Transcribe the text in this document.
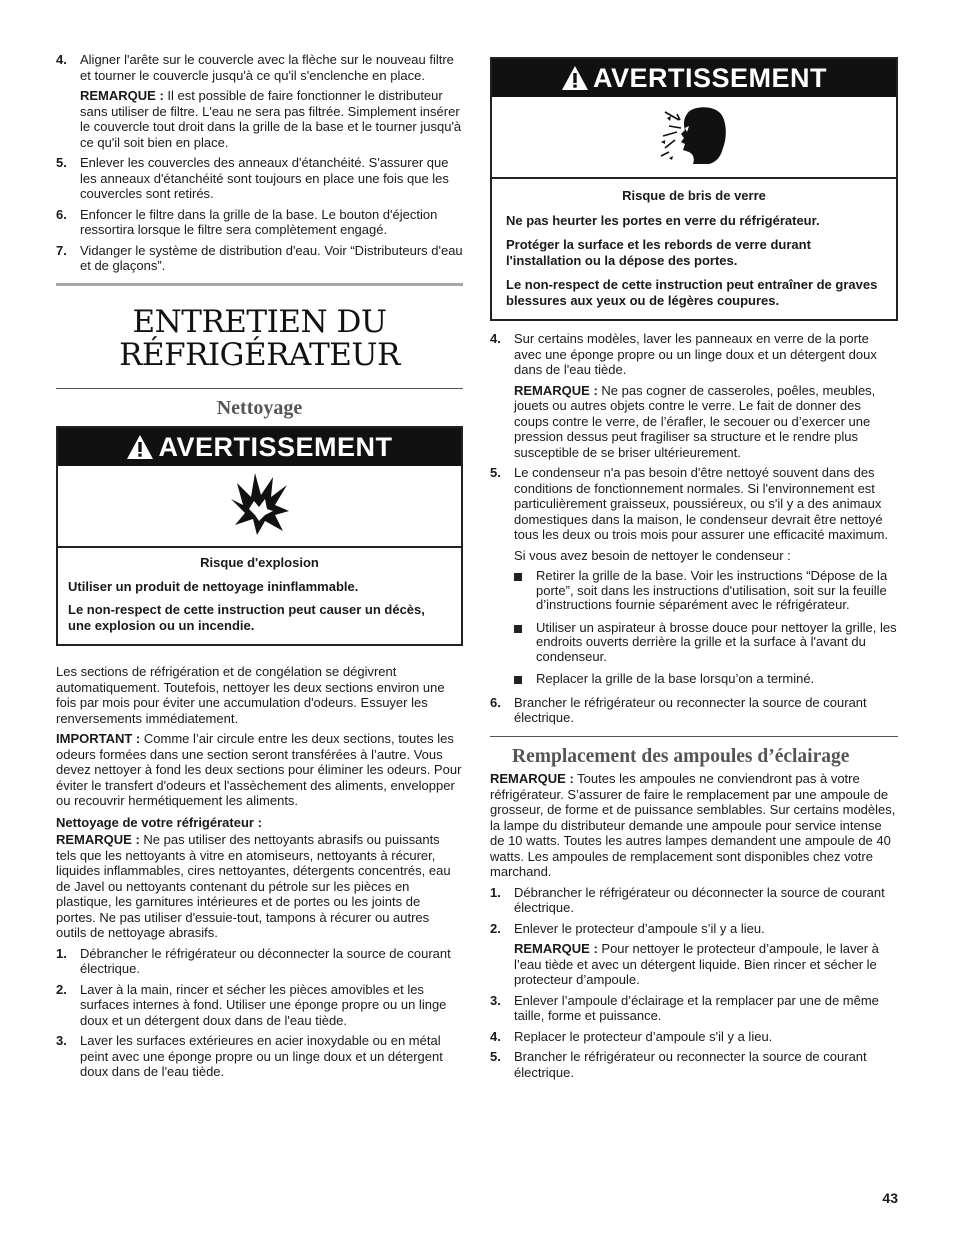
4. Aligner l'arête sur le couvercle avec la flèche sur le nouveau filtre et tourner le couvercle jusqu'à ce qu'il s'enclenche en place.

REMARQUE : Il est possible de faire fonctionner le distributeur sans utiliser de filtre. L'eau ne sera pas filtrée. Simplement insérer le couvercle tout droit dans la grille de la base et le tourner jusqu'à ce qu'il soit bien en place.

5. Enlever les couvercles des anneaux d'étanchéité. S'assurer que les anneaux d'étanchéité sont toujours en place une fois que les couvercles sont retirés.

6. Enfoncer le filtre dans la grille de la base. Le bouton d'éjection ressortira lorsque le filtre sera complètement engagé.

7. Vidanger le système de distribution d'eau. Voir “Distributeurs d'eau et de glaçons”.

ENTRETIEN DU
RÉFRIGÉRATEUR
Nettoyage
AVERTISSEMENT
Risque d'explosion

Utiliser un produit de nettoyage ininflammable.

Le non-respect de cette instruction peut causer un décès, une explosion ou un incendie.

Les sections de réfrigération et de congélation se dégivrent automatiquement. Toutefois, nettoyer les deux sections environ une fois par mois pour éviter une accumulation d'odeurs. Essuyer les renversements immédiatement.

IMPORTANT : Comme l’air circule entre les deux sections, toutes les odeurs formées dans une section seront transférées à l’autre. Vous devez nettoyer à fond les deux sections pour éliminer les odeurs. Pour éviter le transfert d'odeurs et l'assèchement des aliments, envelopper ou recouvrir hermétiquement les aliments.

Nettoyage de votre réfrigérateur :

REMARQUE : Ne pas utiliser des nettoyants abrasifs ou puissants tels que les nettoyants à vitre en atomiseurs, nettoyants à récurer, liquides inflammables, cires nettoyantes, détergents concentrés, eau de Javel ou nettoyants contenant du pétrole sur les pièces en plastique, les garnitures intérieures et de portes ou les joints de portes. Ne pas utiliser d'essuie-tout, tampons à récurer ou autres outils de nettoyage abrasifs.

1. Débrancher le réfrigérateur ou déconnecter la source de courant électrique.

2. Laver à la main, rincer et sécher les pièces amovibles et les surfaces internes à fond. Utiliser une éponge propre ou un linge doux et un détergent doux dans de l'eau tiède.

3. Laver les surfaces extérieures en acier inoxydable ou en métal peint avec une éponge propre ou un linge doux et un détergent doux dans de l'eau tiède.

AVERTISSEMENT
Risque de bris de verre

Ne pas heurter les portes en verre du réfrigérateur.

Protéger la surface et les rebords de verre durant l'installation ou la dépose des portes.

Le non-respect de cette instruction peut entraîner de graves blessures aux yeux ou de légères coupures.

4. Sur certains modèles, laver les panneaux en verre de la porte avec une éponge propre ou un linge doux et un détergent doux dans de l'eau tiède.

REMARQUE : Ne pas cogner de casseroles, poêles, meubles, jouets ou autres objets contre le verre. Le fait de donner des coups contre le verre, de l’érafler, le secouer ou d’exercer une pression dessus peut fragiliser sa structure et le rendre plus susceptible de se briser ultérieurement.

5. Le condenseur n'a pas besoin d'être nettoyé souvent dans des conditions de fonctionnement normales. Si l'environnement est particulièrement graisseux, poussiéreux, ou s'il y a des animaux domestiques dans la maison, le condenseur devrait être nettoyé tous les deux ou trois mois pour assurer une efficacité maximum.

Si vous avez besoin de nettoyer le condenseur :

Retirer la grille de la base. Voir les instructions “Dépose de la porte”, soit dans les instructions d'utilisation, soit sur la feuille d’instructions fournie séparément avec le réfrigérateur.
Utiliser un aspirateur à brosse douce pour nettoyer la grille, les endroits ouverts derrière la grille et la surface à l'avant du condenseur.
Replacer la grille de la base lorsqu’on a terminé.
6. Brancher le réfrigérateur ou reconnecter la source de courant électrique.

Remplacement des ampoules d’éclairage

REMARQUE : Toutes les ampoules ne conviendront pas à votre réfrigérateur. S’assurer de faire le remplacement par une ampoule de grosseur, de forme et de puissance semblables. Sur certains modèles, la lampe du distributeur demande une ampoule pour service intense de 10 watts. Toutes les autres lampes demandent une ampoule de 40 watts. Les ampoules de remplacement sont disponibles chez votre marchand.

1. Débrancher le réfrigérateur ou déconnecter la source de courant électrique.

2. Enlever le protecteur d’ampoule s’il y a lieu.

REMARQUE : Pour nettoyer le protecteur d’ampoule, le laver à l’eau tiède et avec un détergent liquide. Bien rincer et sécher le protecteur d’ampoule.

3. Enlever l’ampoule d’éclairage et la remplacer par une de même taille, forme et puissance.

4. Replacer le protecteur d’ampoule s'il y a lieu.

5. Brancher le réfrigérateur ou reconnecter la source de courant électrique.

43
